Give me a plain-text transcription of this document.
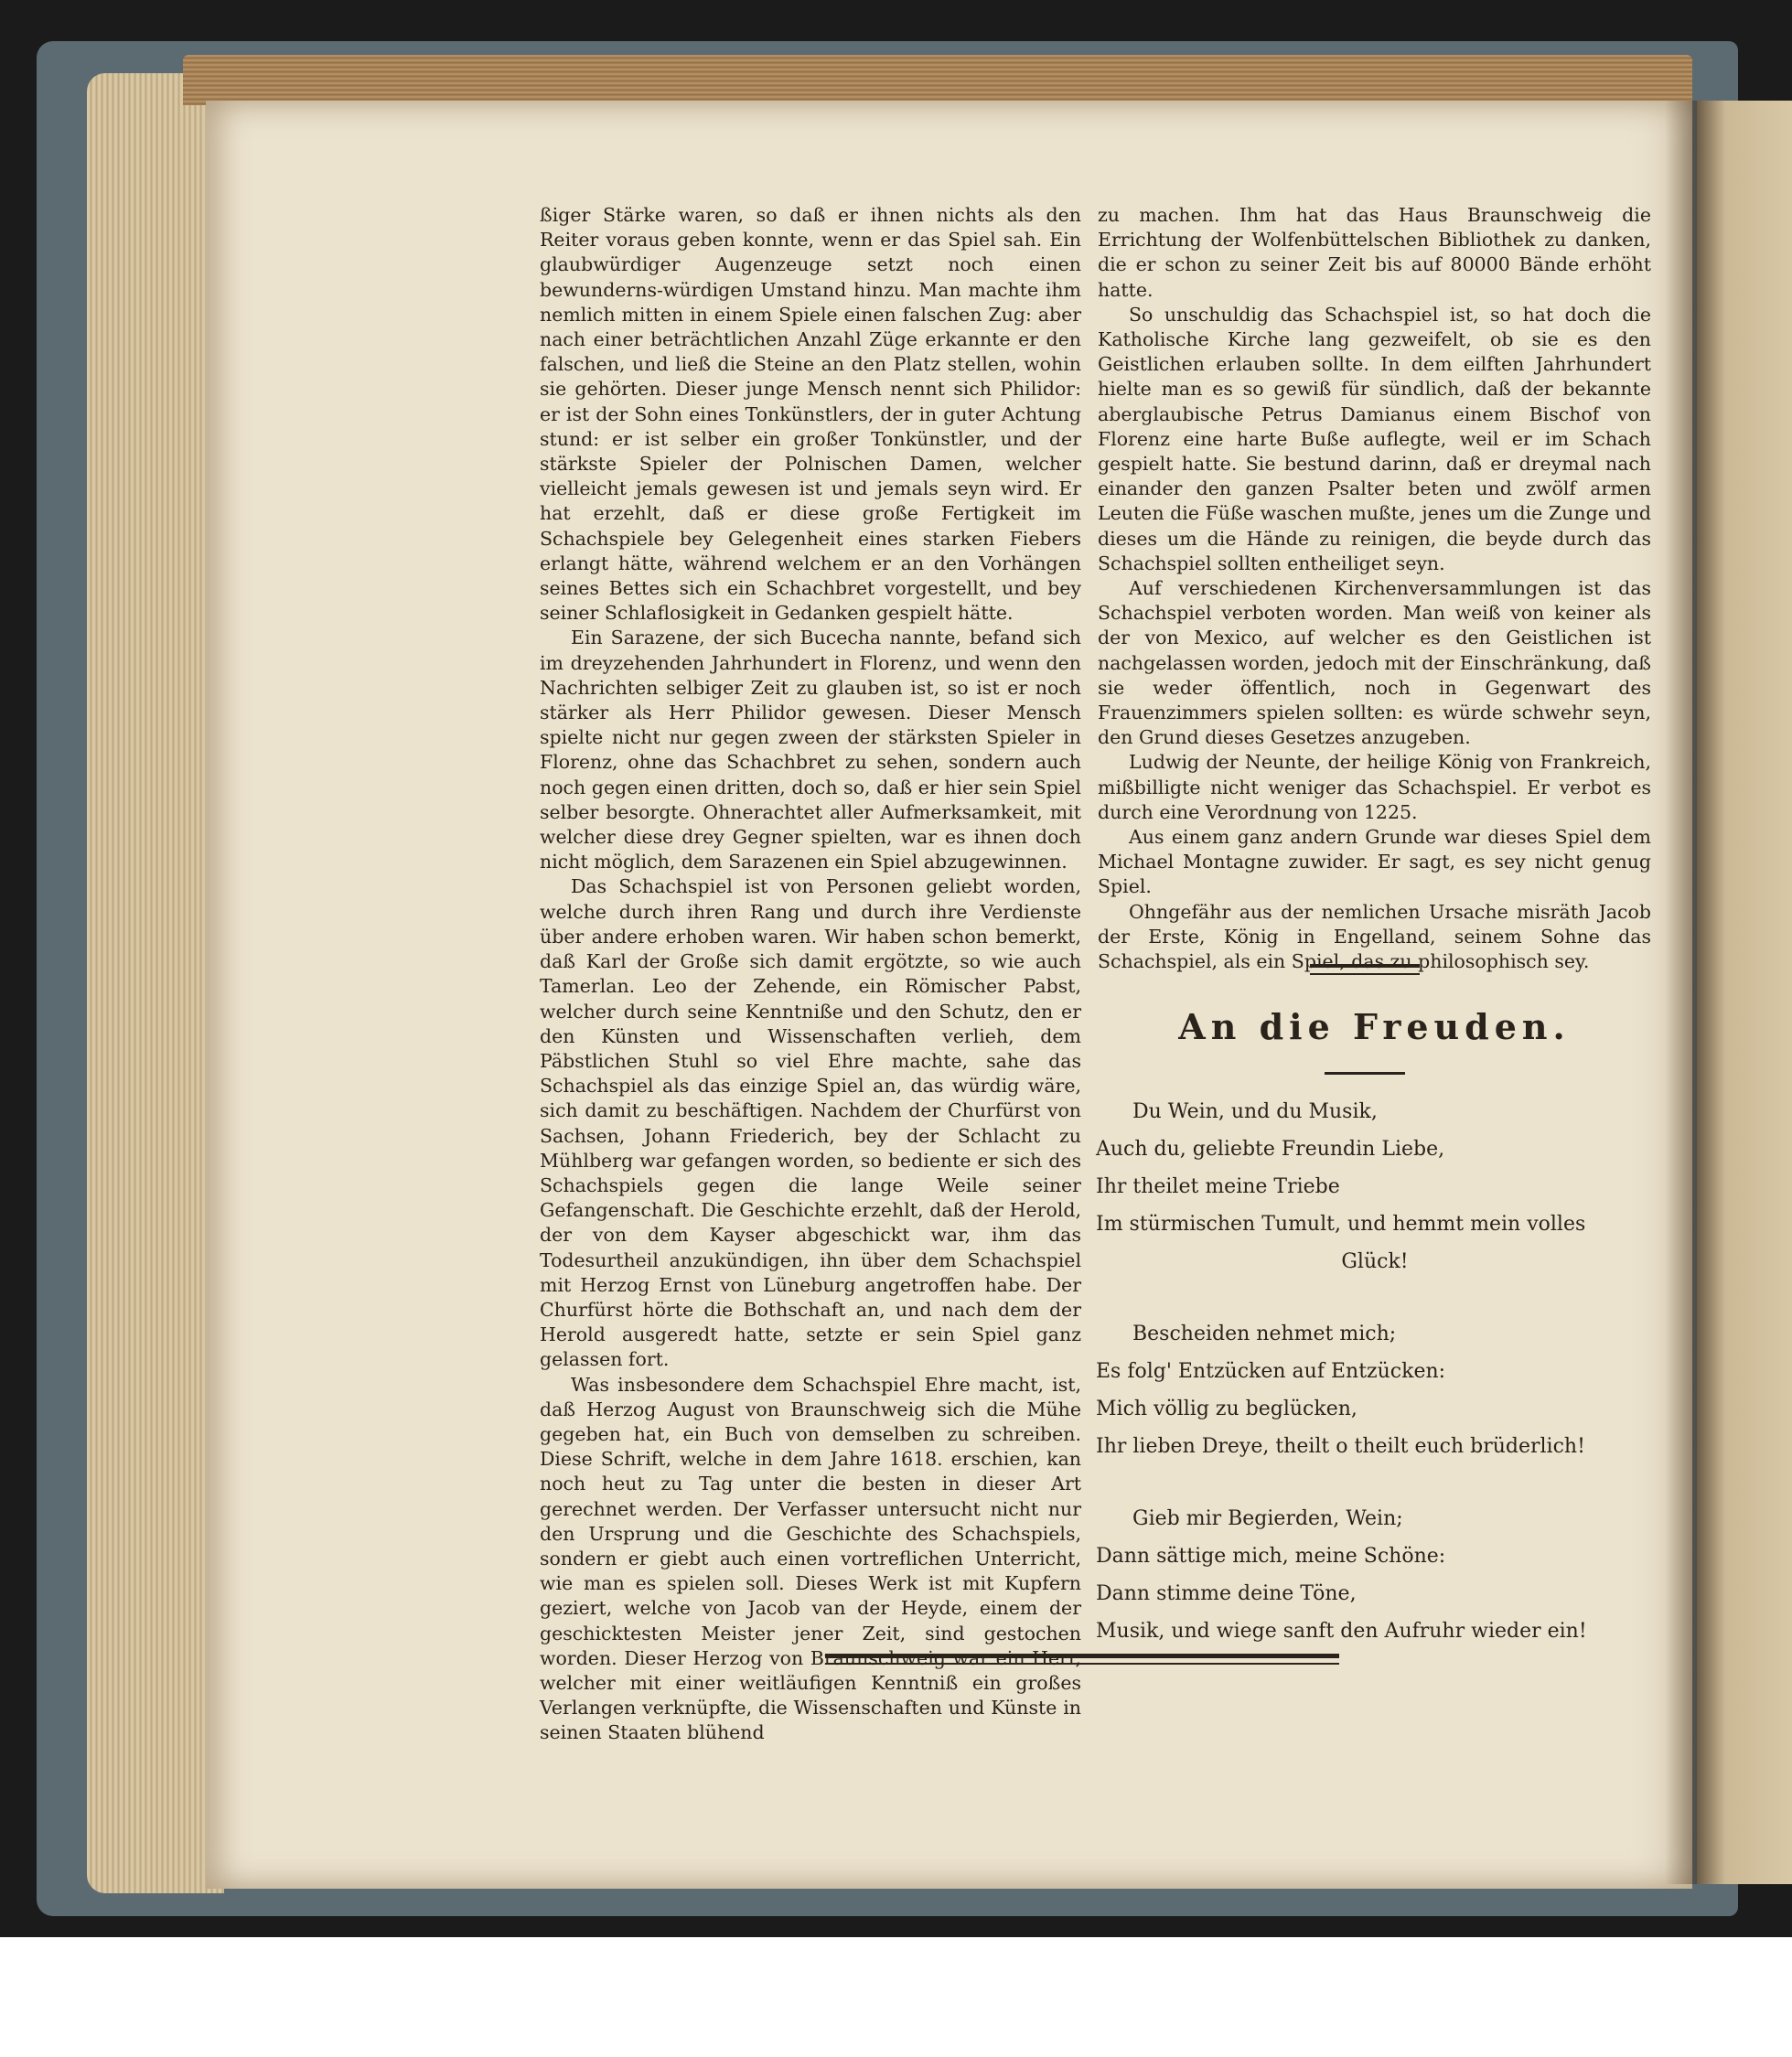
ßiger Stärke waren, so daß er ihnen nichts als den Reiter voraus geben konnte, wenn er das Spiel sah. Ein glaubwürdiger Augenzeuge setzt noch einen bewunderns-würdigen Umstand hinzu. Man machte ihm nemlich mitten in einem Spiele einen falschen Zug: aber nach einer beträchtlichen Anzahl Züge erkannte er den falschen, und ließ die Steine an den Platz stellen, wohin sie gehörten. Dieser junge Mensch nennt sich Philidor: er ist der Sohn eines Tonkünstlers, der in guter Achtung stund: er ist selber ein großer Tonkünstler, und der stärkste Spieler der Polnischen Damen, welcher vielleicht jemals gewesen ist und jemals seyn wird. Er hat erzehlt, daß er diese große Fertigkeit im Schachspiele bey Gelegenheit eines starken Fiebers erlangt hätte, während welchem er an den Vorhängen seines Bettes sich ein Schachbret vorgestellt, und bey seiner Schlaflosigkeit in Gedanken gespielt hätte.

Ein Sarazene, der sich Bucecha nannte, befand sich im dreyzehenden Jahrhundert in Florenz, und wenn den Nachrichten selbiger Zeit zu glauben ist, so ist er noch stärker als Herr Philidor gewesen. Dieser Mensch spielte nicht nur gegen zween der stärksten Spieler in Florenz, ohne das Schachbret zu sehen, sondern auch noch gegen einen dritten, doch so, daß er hier sein Spiel selber besorgte. Ohnerachtet aller Aufmerksamkeit, mit welcher diese drey Gegner spielten, war es ihnen doch nicht möglich, dem Sarazenen ein Spiel abzugewinnen.

Das Schachspiel ist von Personen geliebt worden, welche durch ihren Rang und durch ihre Verdienste über andere erhoben waren. Wir haben schon bemerkt, daß Karl der Große sich damit ergötzte, so wie auch Tamerlan. Leo der Zehende, ein Römischer Pabst, welcher durch seine Kenntniße und den Schutz, den er den Künsten und Wissenschaften verlieh, dem Päbstlichen Stuhl so viel Ehre machte, sahe das Schachspiel als das einzige Spiel an, das würdig wäre, sich damit zu beschäftigen. Nachdem der Churfürst von Sachsen, Johann Friederich, bey der Schlacht zu Mühlberg war gefangen worden, so bediente er sich des Schachspiels gegen die lange Weile seiner Gefangenschaft. Die Geschichte erzehlt, daß der Herold, der von dem Kayser abgeschickt war, ihm das Todesurtheil anzukündigen, ihn über dem Schachspiel mit Herzog Ernst von Lüneburg angetroffen habe. Der Churfürst hörte die Bothschaft an, und nach dem der Herold ausgeredt hatte, setzte er sein Spiel ganz gelassen fort.

Was insbesondere dem Schachspiel Ehre macht, ist, daß Herzog August von Braunschweig sich die Mühe gegeben hat, ein Buch von demselben zu schreiben. Diese Schrift, welche in dem Jahre 1618. erschien, kan noch heut zu Tag unter die besten in dieser Art gerechnet werden. Der Verfasser untersucht nicht nur den Ursprung und die Geschichte des Schachspiels, sondern er giebt auch einen vortreflichen Unterricht, wie man es spielen soll. Dieses Werk ist mit Kupfern geziert, welche von Jacob van der Heyde, einem der geschicktesten Meister jener Zeit, sind gestochen worden. Dieser Herzog von Braunschweig war ein Herr, welcher mit einer weitläufigen Kenntniß ein großes Verlangen verknüpfte, die Wissenschaften und Künste in seinen Staaten blühend

zu machen. Ihm hat das Haus Braunschweig die Errichtung der Wolfenbüttelschen Bibliothek zu danken, die er schon zu seiner Zeit bis auf 80000 Bände erhöht hatte.

So unschuldig das Schachspiel ist, so hat doch die Katholische Kirche lang gezweifelt, ob sie es den Geistlichen erlauben sollte. In dem eilften Jahrhundert hielte man es so gewiß für sündlich, daß der bekannte aberglaubische Petrus Damianus einem Bischof von Florenz eine harte Buße auflegte, weil er im Schach gespielt hatte. Sie bestund darinn, daß er dreymal nach einander den ganzen Psalter beten und zwölf armen Leuten die Füße waschen mußte, jenes um die Zunge und dieses um die Hände zu reinigen, die beyde durch das Schachspiel sollten entheiliget seyn.

Auf verschiedenen Kirchenversammlungen ist das Schachspiel verboten worden. Man weiß von keiner als der von Mexico, auf welcher es den Geistlichen ist nachgelassen worden, jedoch mit der Einschränkung, daß sie weder öffentlich, noch in Gegenwart des Frauenzimmers spielen sollten: es würde schwehr seyn, den Grund dieses Gesetzes anzugeben.

Ludwig der Neunte, der heilige König von Frankreich, mißbilligte nicht weniger das Schachspiel. Er verbot es durch eine Verordnung von 1225.

Aus einem ganz andern Grunde war dieses Spiel dem Michael Montagne zuwider. Er sagt, es sey nicht genug Spiel.

Ohngefähr aus der nemlichen Ursache misräth Jacob der Erste, König in Engelland, seinem Sohne das Schachspiel, als ein Spiel, das zu philosophisch sey.

An die Freuden.
Du Wein, und du Musik,
Auch du, geliebte Freundin Liebe,
Ihr theilet meine Triebe
Im stürmischen Tumult, und hemmt mein volles
Glück!
Bescheiden nehmet mich;
Es folg' Entzücken auf Entzücken:
Mich völlig zu beglücken,
Ihr lieben Dreye, theilt o theilt euch brüderlich!
Gieb mir Begierden, Wein;
Dann sättige mich, meine Schöne:
Dann stimme deine Töne,
Musik, und wiege sanft den Aufruhr wieder ein!
